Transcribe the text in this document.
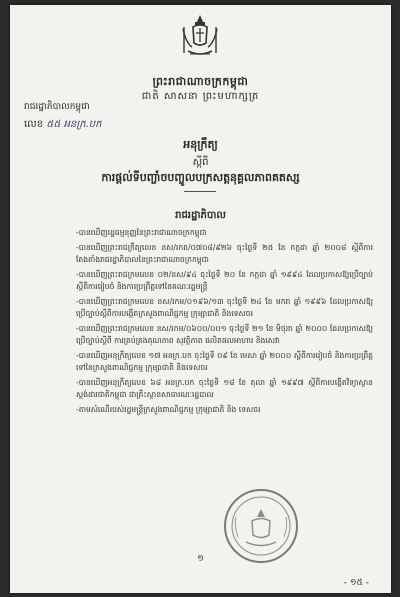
ព្រះរាជាណាចក្រកម្ពុជា
ជាតិ សាសនា ព្រះមហាក្សត្រ
រាជរដ្ឋាភិបាលកម្ពុជា
លេខ ៥៥ អនក្រ.បក
អនុក្រឹត្យ
ស្តីពី
ការផ្តល់ទីបញ្ចាំចបញ្ចូលបក្រសត្តនុគ្គលភាពគតស្ស
រាជរដ្ឋាភិបាល
-បានឃើញរដ្ឋធម្មនុញ្ញនៃព្រះរាជាណាចក្រកម្ពុជា
-បានឃើញព្រះរាជក្រឹត្យលេខ នស/រកត/០៧០៨/៩២៦ ចុះថ្ងៃទី ២៥ ខែ កក្កដា ឆ្នាំ ២០០៨ ស្តីពីការតែងតាំងរាជរដ្ឋាភិបាលនៃព្រះរាជាណាចក្រកម្ពុជា
-បានឃើញព្រះរាជក្រមលេខ ០២/នស/៩៤ ចុះថ្ងៃទី ២០ ខែ កក្កដា ឆ្នាំ ១៩៩៤ ដែលប្រកាសឱ្យប្រើច្បាប់ស្តីពីការរៀបចំ និងការប្រព្រឹត្តទៅនៃគណៈរដ្ឋមន្ត្រី
-បានឃើញព្រះរាជក្រមលេខ នស/រកម/០១៩៦/១៣ ចុះថ្ងៃទី ២៤ ខែ មករា ឆ្នាំ ១៩៩៦ ដែលប្រកាសឱ្យប្រើច្បាប់ស្តីពីការបង្កើតក្រសួងពាណិជ្ជកម្ម ក្រុម្សាជាតិ និងទេសចរ
-បានឃើញព្រះរាជក្រមលេខ នស/រកម/០៦០០/០០១ ចុះថ្ងៃទី ២១ ខែ មិថុនា ឆ្នាំ ២០០០ ដែលប្រកាសឱ្យប្រើច្បាប់ស្តីពី ការគ្រប់គ្រងគុណភាព សុវត្ថិភាព ផលិតផលអាហារ និងសេវា
-បានឃើញអនុក្រឹត្យលេខ ១៧ អនក្រ.បក ចុះថ្ងៃទី ០៩ ខែ មេសា ឆ្នាំ ២០០០ ស្តីពីការរៀបចំ និងការប្រព្រឹត្តទៅនៃក្រសួងពាណិជ្ជកម្ម ក្រុម្សាជាតិ និងទេសចរ
-បានឃើញអនុក្រឹត្យលេខ ៦៨ អនក្រ.បក ចុះថ្ងៃទី ១៨ ខែ តុលា ឆ្នាំ ១៩៩៧ ស្តីពីការបង្កើតវិទ្យាស្ថានស្តង់ដារជាតិកម្ពុជា ជាគ្រឹះស្ថានសាធារណៈរដ្ឋបាល
-តាមសំណើរបស់រដ្ឋមន្ត្រីក្រសួងពាណិជ្ជកម្ម ក្រុម្សាជាតិ និង ទេសចរ
១
- ១៥ -
